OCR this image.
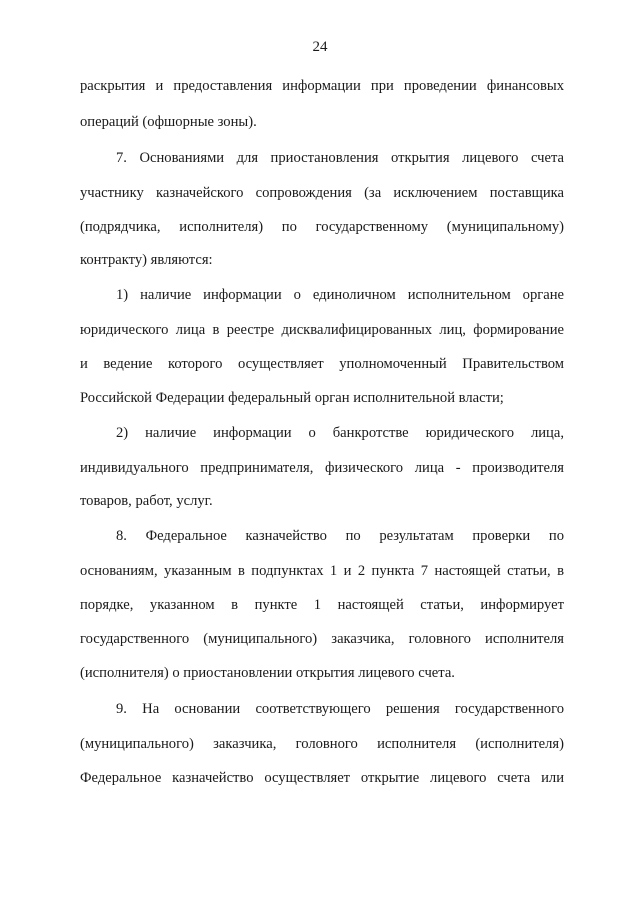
24
раскрытия и предоставления информации при проведении финансовых
операций (офшорные зоны).
7. Основаниями для приостановления открытия лицевого счета
участнику казначейского сопровождения (за исключением поставщика
(подрядчика, исполнителя) по государственному (муниципальному)
контракту) являются:
1) наличие информации о единоличном исполнительном органе
юридического лица в реестре дисквалифицированных лиц, формирование
и ведение которого осуществляет уполномоченный Правительством
Российской Федерации федеральный орган исполнительной власти;
2) наличие информации о банкротстве юридического лица,
индивидуального предпринимателя, физического лица - производителя
товаров, работ, услуг.
8. Федеральное казначейство по результатам проверки по
основаниям, указанным в подпунктах 1 и 2 пункта 7 настоящей статьи, в
порядке, указанном в пункте 1 настоящей статьи, информирует
государственного (муниципального) заказчика, головного исполнителя
(исполнителя) о приостановлении открытия лицевого счета.
9. На основании соответствующего решения государственного
(муниципального) заказчика, головного исполнителя (исполнителя)
Федеральное казначейство осуществляет открытие лицевого счета или
